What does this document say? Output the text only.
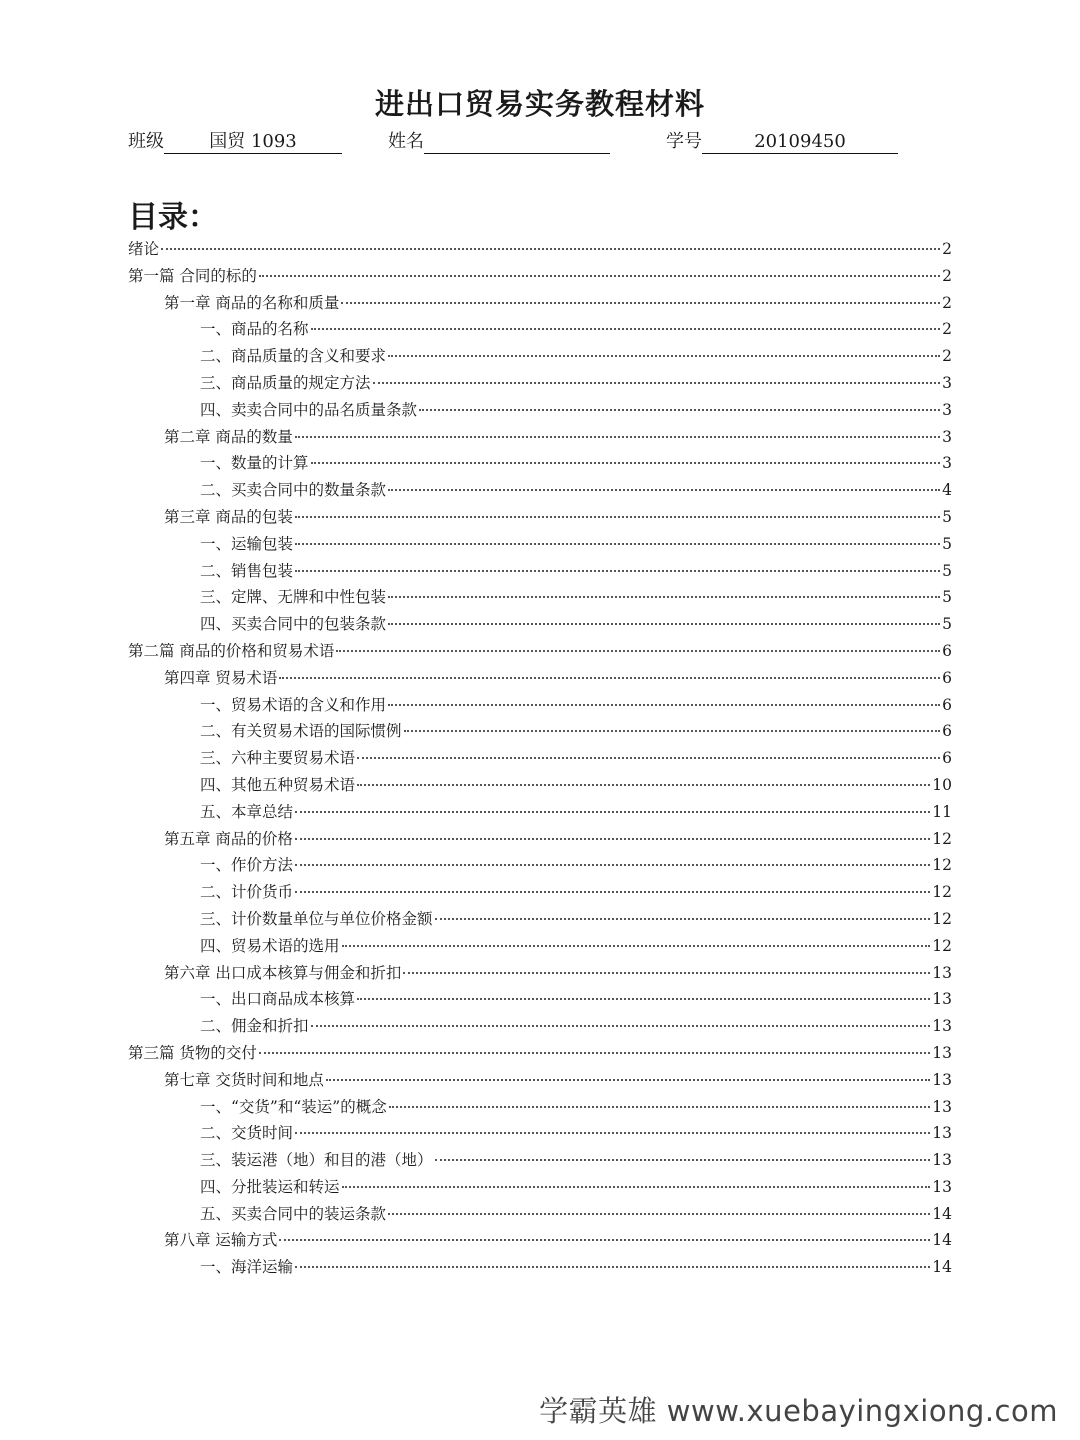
进出口贸易实务教程材料
班级	国贸 1093	姓名	学号	20109450
目录：
绪论	2
第一篇 合同的标的	2
第一章 商品的名称和质量	2
一、商品的名称	2
二、商品质量的含义和要求	2
三、商品质量的规定方法	3
四、卖卖合同中的品名质量条款	3
第二章 商品的数量	3
一、数量的计算	3
二、买卖合同中的数量条款	4
第三章 商品的包装	5
一、运输包装	5
二、销售包装	5
三、定牌、无牌和中性包装	5
四、买卖合同中的包装条款	5
第二篇 商品的价格和贸易术语	6
第四章 贸易术语	6
一、贸易术语的含义和作用	6
二、有关贸易术语的国际惯例	6
三、六种主要贸易术语	6
四、其他五种贸易术语	10
五、本章总结	11
第五章 商品的价格	12
一、作价方法	12
二、计价货币	12
三、计价数量单位与单位价格金额	12
四、贸易术语的选用	12
第六章 出口成本核算与佣金和折扣	13
一、出口商品成本核算	13
二、佣金和折扣	13
第三篇 货物的交付	13
第七章 交货时间和地点	13
一、“交货”和“装运”的概念	13
二、交货时间	13
三、装运港（地）和目的港（地）	13
四、分批装运和转运	13
五、买卖合同中的装运条款	14
第八章 运输方式	14
一、海洋运输	14
学霸英雄 www.xuebayingxiong.com
